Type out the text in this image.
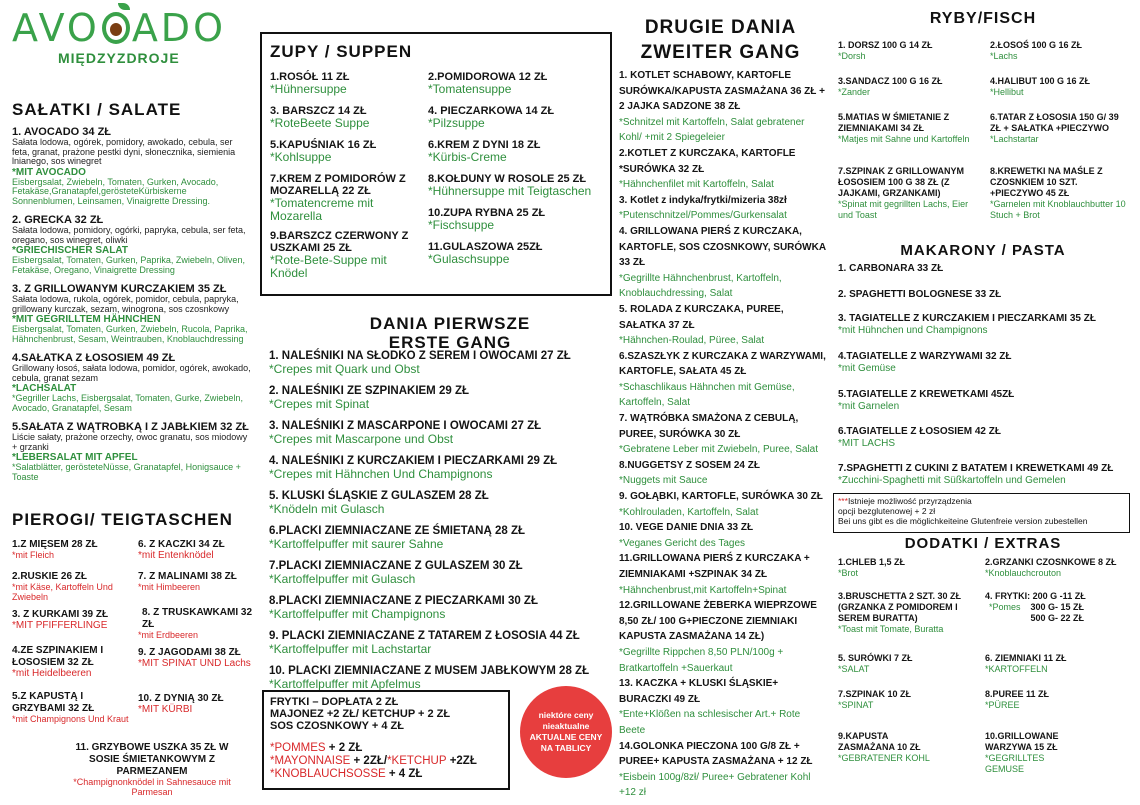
AVO ADO
MIĘDZYZDROJE
SAŁATKI / SALATE
1. AVOCADO 34 ZŁ
Sałata lodowa, ogórek, pomidory, awokado, cebula, ser feta, granat, prażone pestki dyni, słonecznika, siemienia lnianego, sos winegret
*MIT AVOCADO
Eisbergsalat, Zwiebeln, Tomaten, Gurken, Avocado, Fetakäse,Granatapfel,gerösteteKürbiskerne Sonnenblumen, Leinsamen, Vinaigrette Dressing.
2. GRECKA 32 ZŁ
Sałata lodowa, pomidory, ogórki, papryka, cebula, ser feta, oregano, sos winegret, oliwki
*GRIECHISCHER SALAT
Eisbergsalat, Tomaten, Gurken, Paprika, Zwiebeln, Oliven, Fetakäse, Oregano, Vinaigrette Dressing
3. Z GRILLOWANYM KURCZAKIEM 35 ZŁ
Sałata lodowa, rukola, ogórek, pomidor, cebula, papryka, grillowany kurczak, sezam, winogrona, sos czosnkowy
*MIT GEGRILLTEM HÄHNCHEN
Eisbergsalat, Tomaten, Gurken, Zwiebeln, Rucola, Paprika, Hähnchenbrust, Sesam, Weintrauben, Knoblauchdressing
4.SAŁATKA Z ŁOSOSIEM 49 ZŁ
Grillowany łosoś, sałata lodowa, pomidor, ogórek, awokado, cebula, granat sezam
*LACHSALAT
*Gegriller Lachs, Eisbergsalat, Tomaten, Gurke, Zwiebeln, Avocado, Granatapfel, Sesam
5.SAŁATA Z WĄTROBKĄ I Z JABŁKIEM 32 ZŁ
Liście sałaty, prażone orzechy, owoc granatu, sos miodowy + grzanki
*LEBERSALAT MIT APFEL
*Salatblätter, gerösteteNüsse, Granatapfel, Honigsauce + Toaste
PIEROGI/ TEIGTASCHEN
1.Z MIĘSEM 28 ZŁ
*mit Fleich
2.RUSKIE 26 ZŁ
*mit Käse, Kartoffeln Und Zwiebeln
3. Z KURKAMI 39 ZŁ
*MIT PFIFFERLINGE
4.ZE SZPINAKIEM I ŁOSOSIEM 32 ZŁ
*mit Heidelbeeren
5.Z KAPUSTĄ I GRZYBAMI 32 ZŁ
*mit Champignons Und Kraut
6. Z KACZKI 34 ZŁ
*mit Entenknödel
7. Z MALINAMI 38 ZŁ
*mit Himbeeren
8. Z TRUSKAWKAMI 32 ZŁ
*mit Erdbeeren
9. Z JAGODAMI 38 ZŁ
*MIT SPINAT UND Lachs
10. Z DYNIĄ 30 ZŁ
*MIT KÜRBI
11. GRZYBOWE USZKA 35 ZŁ W SOSIE ŚMIETANKOWYM Z PARMEZANEM
*Champignonknödel in Sahnesauce mit Parmesan
ZUPY / SUPPEN
1.ROSÓŁ 11 ZŁ
*Hühnersuppe
3. BARSZCZ 14 ZŁ
*RoteBeete Suppe
5.KAPUŚNIAK 16 ZŁ
*Kohlsuppe
7.KREM Z POMIDORÓW Z MOZARELLĄ 22 ZŁ
*Tomatencreme mit Mozarella
9.BARSZCZ CZERWONY Z USZKAMI 25 ZŁ
*Rote-Bete-Suppe mit Knödel
2.POMIDOROWA 12 ZŁ
*Tomatensuppe
4. PIECZARKOWA 14 ZŁ
*Pilzsuppe
6.KREM Z DYNI 18 ZŁ
*Kürbis-Creme
8.KOŁDUNY W ROSOLE 25 ZŁ
*Hühnersuppe mit Teigtaschen
10.ZUPA RYBNA 25 ZŁ
*Fischsuppe
11.GULASZOWA 25ZŁ
*Gulaschsuppe
DANIA PIERWSZE
ERSTE GANG
1. NALEŚNIKI NA SŁODKO Z SEREM I OWOCAMI 27 ZŁ
*Crepes mit Quark und Obst
2. NALEŚNIKI ZE SZPINAKIEM 29 ZŁ
*Crepes mit Spinat
3. NALEŚNIKI Z MASCARPONE I OWOCAMI 27 ZŁ
*Crepes mit Mascarpone und Obst
4. NALEŚNIKI Z KURCZAKIEM I PIECZARKAMI 29 ZŁ
*Crepes mit Hähnchen Und Champignons
5. KLUSKI ŚLĄSKIE Z GULASZEM 28 ZŁ
*Knödeln mit Gulasch
6.PLACKI ZIEMNIACZANE ZE ŚMIETANĄ 28 ZŁ
*Kartoffelpuffer mit saurer Sahne
7.PLACKI ZIEMNIACZANE Z GULASZEM 30 ZŁ
*Kartoffelpuffer mit Gulasch
8.PLACKI ZIEMNIACZANE Z PIECZARKAMI 30 ZŁ
*Kartoffelpuffer mit Champignons
9. PLACKI ZIEMNIACZANE Z TATAREM Z ŁOSOSIA 44 ZŁ
*Kartoffelpuffer mit Lachstartar
10. PLACKI ZIEMNIACZANE Z MUSEM JABŁKOWYM 28 ZŁ
*Kartoffelpuffer mit Apfelmus
FRYTKI – DOPŁATA 2 ZŁ
MAJONEZ +2 ZŁ/ KETCHUP + 2 ZŁ
SOS CZOSNKOWY + 4 ZŁ
*POMMES + 2 ZŁ
*MAYONNAISE + 2ZŁ/*KETCHUP +2ZŁ
*KNOBLAUCHSOSSE + 4 ZŁ
niektóre ceny
nieaktualne
AKTUALNE CENY
NA TABLICY
DRUGIE DANIA
ZWEITER GANG
1. KOTLET SCHABOWY, KARTOFLE SURÓWKA/KAPUSTA ZASMAŻANA 36 ZŁ + 2 JAJKA SADZONE 38 ZŁ
*Schnitzel mit Kartoffeln, Salat gebratener Kohl/ +mit 2 Spiegeleier
2.KOTLET Z KURCZAKA, KARTOFLE *SURÓWKA 32 ZŁ
*Hähnchenfilet mit Kartoffeln, Salat
3. Kotlet z indyka/frytki/mizeria 38zł
*Putenschnitzel/Pommes/Gurkensalat
4. GRILLOWANA PIERŚ Z KURCZAKA, KARTOFLE, SOS CZOSNKOWY, SURÓWKA 33 ZŁ
*Gegrillte Hähnchenbrust, Kartoffeln, Knoblauchdressing, Salat
5. ROLADA Z KURCZAKA, PUREE, SAŁATKA 37 ZŁ
*Hähnchen-Roulad, Püree, Salat
6.SZASZŁYK Z KURCZAKA Z WARZYWAMI, KARTOFLE, SAŁATA 45 ZŁ
*Schaschlikaus Hähnchen mit Gemüse, Kartoffeln, Salat
7. WĄTRÓBKA SMAŻONA Z CEBULĄ, PUREE, SURÓWKA 30 ZŁ
*Gebratene Leber mit Zwiebeln, Puree, Salat
8.NUGGETSY Z SOSEM 24 ZŁ
*Nuggets mit Sauce
9. GOŁĄBKI, KARTOFLE, SURÓWKA 30 ZŁ
*Kohlrouladen, Kartoffeln, Salat
10. VEGE DANIE DNIA 33 ZŁ
*Veganes Gericht des Tages
11.GRILLOWANA PIERŚ Z KURCZAKA + ZIEMNIAKAMI +SZPINAK 34 ZŁ
*Hähnchenbrust,mit Kartoffeln+Spinat
12.GRILLOWANE ŻEBERKA WIEPRZOWE 8,50 ZŁ/ 100 G+PIECZONE ZIEMNIAKI KAPUSTA ZASMAŻANA 14 ZŁ)
*Gegrillte Rippchen 8,50 PLN/100g + Bratkartoffeln +Sauerkaut
13. KACZKA + KLUSKI ŚLĄSKIE+ BURACZKI 49 ZŁ
*Ente+Klößen na schlesischer Art.+ Rote Beete
14.GOLONKA PIECZONA 100 G/8 ZŁ + PUREE+ KAPUSTA ZASMAŻANA + 12 ZŁ
*Eisbein 100g/8zł/ Puree+ Gebratener Kohl +12 zł
RYBY/FISCH
1. DORSZ 100 G 14 ZŁ
*Dorsh
3.SANDACZ 100 G 16 ZŁ
*Zander
5.MATIAS W ŚMIETANIE Z ZIEMNIAKAMI 34 ZŁ
*Matjes mit Sahne und Kartoffeln
7.SZPINAK Z GRILLOWANYM ŁOSOSIEM 100 G 38 ZŁ (Z JAJKAMI, GRZANKAMI)
*Spinat mit gegrillten Lachs, Eier und Toast
2.ŁOSOŚ 100 G 16 ZŁ
*Lachs
4.HALIBUT 100 G 16 ZŁ
*Hellibut
6.TATAR Z ŁOSOSIA 150 G/ 39 ZŁ + SAŁATKA +PIECZYWO
*Lachstartar
8.KREWETKI NA MAŚLE Z CZOSNKIEM 10 SZT. +PIECZYWO 45 ZŁ
*Garnelen mit Knoblauchbutter 10 Stuch + Brot
MAKARONY / PASTA
1. CARBONARA 33 ZŁ
2. SPAGHETTI BOLOGNESE 33 ZŁ
3. TAGIATELLE Z KURCZAKIEM I PIECZARKAMI 35 ZŁ
*mit Hühnchen und Champignons
4.TAGIATELLE Z WARZYWAMI 32 ZŁ
*mit Gemüse
5.TAGIATELLE Z KREWETKAMI 45ZŁ
*mit Garnelen
6.TAGIATELLE Z ŁOSOSIEM 42 ZŁ
*MIT LACHS
7.SPAGHETTI Z CUKINI Z BATATEM I KREWETKAMI 49 ZŁ
*Zucchini-Spaghetti mit Süßkartoffeln und Gemelen
***Istnieje możliwość przyrządzenia
opcji bezglutenowej + 2 zł
Bei uns gibt es die möglichkeiteine Glutenfreie version zubestellen
DODATKI / EXTRAS
1.CHLEB 1,5 ZŁ
*Brot
3.BRUSCHETTA 2 SZT. 30 ZŁ (GRZANKA Z POMIDOREM I SEREM BURATTA)
*Toast mit Tomate, Buratta
5. SURÓWKI 7 ZŁ
*SALAT
7.SZPINAK 10 ZŁ
*SPINAT
9.KAPUSTA ZASMAŻANA 10 ZŁ
*GEBRATENER KOHL
2.GRZANKI CZOSNKOWE 8 ZŁ
*Knoblauchcrouton
4. FRYTKI: 200 G -11 ZŁ
*Pomes 300 G- 15 ZŁ
500 G- 22 ZŁ
6. ZIEMNIAKI 11 ZŁ
*KARTOFFELN
8.PUREE 11 ZŁ
*PÜREE
10.GRILLOWANE WARZYWA 15 ZŁ
*GEGRILLTES GEMUSE
